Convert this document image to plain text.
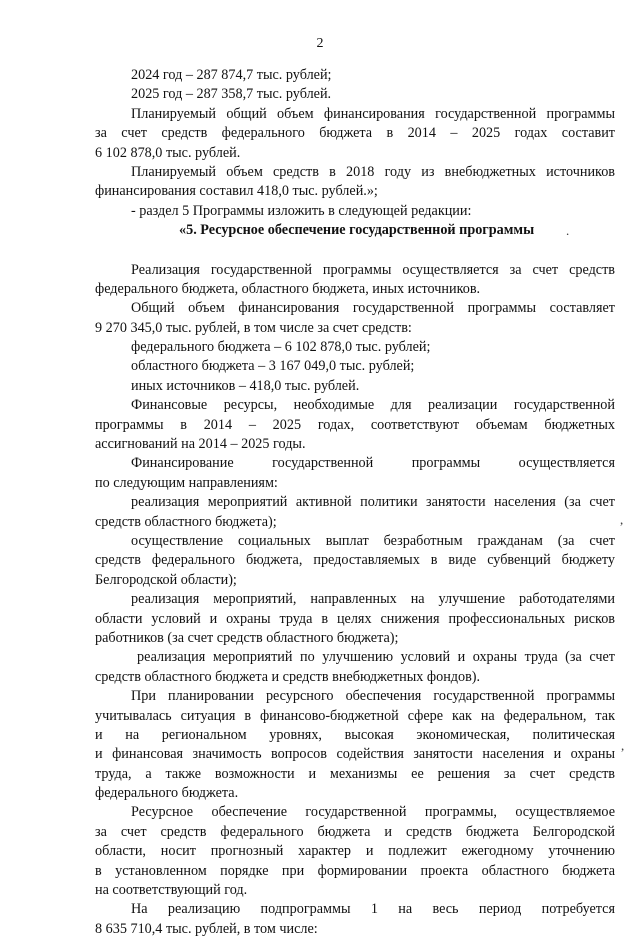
2
2024 год – 287 874,7 тыс. рублей;
2025 год – 287 358,7 тыс. рублей.
Планируемый общий объем финансирования государственной программы
за счет средств федерального бюджета в 2014 – 2025 годах составит
6 102 878,0 тыс. рублей.
Планируемый объем средств в 2018 году из внебюджетных источников
финансирования составил 418,0 тыс. рублей.»;
- раздел 5 Программы изложить в следующей редакции:
«5. Ресурсное обеспечение государственной программы
Реализация государственной программы осуществляется за счет средств
федерального бюджета, областного бюджета, иных источников.
Общий объем финансирования государственной программы составляет
9 270 345,0 тыс. рублей, в том числе за счет средств:
федерального бюджета – 6 102 878,0 тыс. рублей;
областного бюджета – 3 167 049,0 тыс. рублей;
иных источников – 418,0 тыс. рублей.
Финансовые ресурсы, необходимые для реализации государственной
программы в 2014 – 2025 годах, соответствуют объемам бюджетных
ассигнований на 2014 – 2025 годы.
Финансирование государственной программы осуществляется
по следующим направлениям:
реализация мероприятий активной политики занятости населения (за счет
средств областного бюджета);
осуществление социальных выплат безработным гражданам (за счет
средств федерального бюджета, предоставляемых в виде субвенций бюджету
Белгородской области);
реализация мероприятий, направленных на улучшение работодателями
области условий и охраны труда в целях снижения профессиональных рисков
работников (за счет средств областного бюджета);
реализация мероприятий по улучшению условий и охраны труда (за счет
средств областного бюджета и средств внебюджетных фондов).
При планировании ресурсного обеспечения государственной программы
учитывалась ситуация в финансово-бюджетной сфере как на федеральном, так
и на региональном уровнях, высокая экономическая, политическая
и финансовая значимость вопросов содействия занятости населения и охраны
труда, а также возможности и механизмы ее решения за счет средств
федерального бюджета.
Ресурсное обеспечение государственной программы, осуществляемое
за счет средств федерального бюджета и средств бюджета Белгородской
области, носит прогнозный характер и подлежит ежегодному уточнению
в установленном порядке при формировании проекта областного бюджета
на соответствующий год.
На реализацию подпрограммы 1 на весь период потребуется
8 635 710,4 тыс. рублей, в том числе:
.
,
,
